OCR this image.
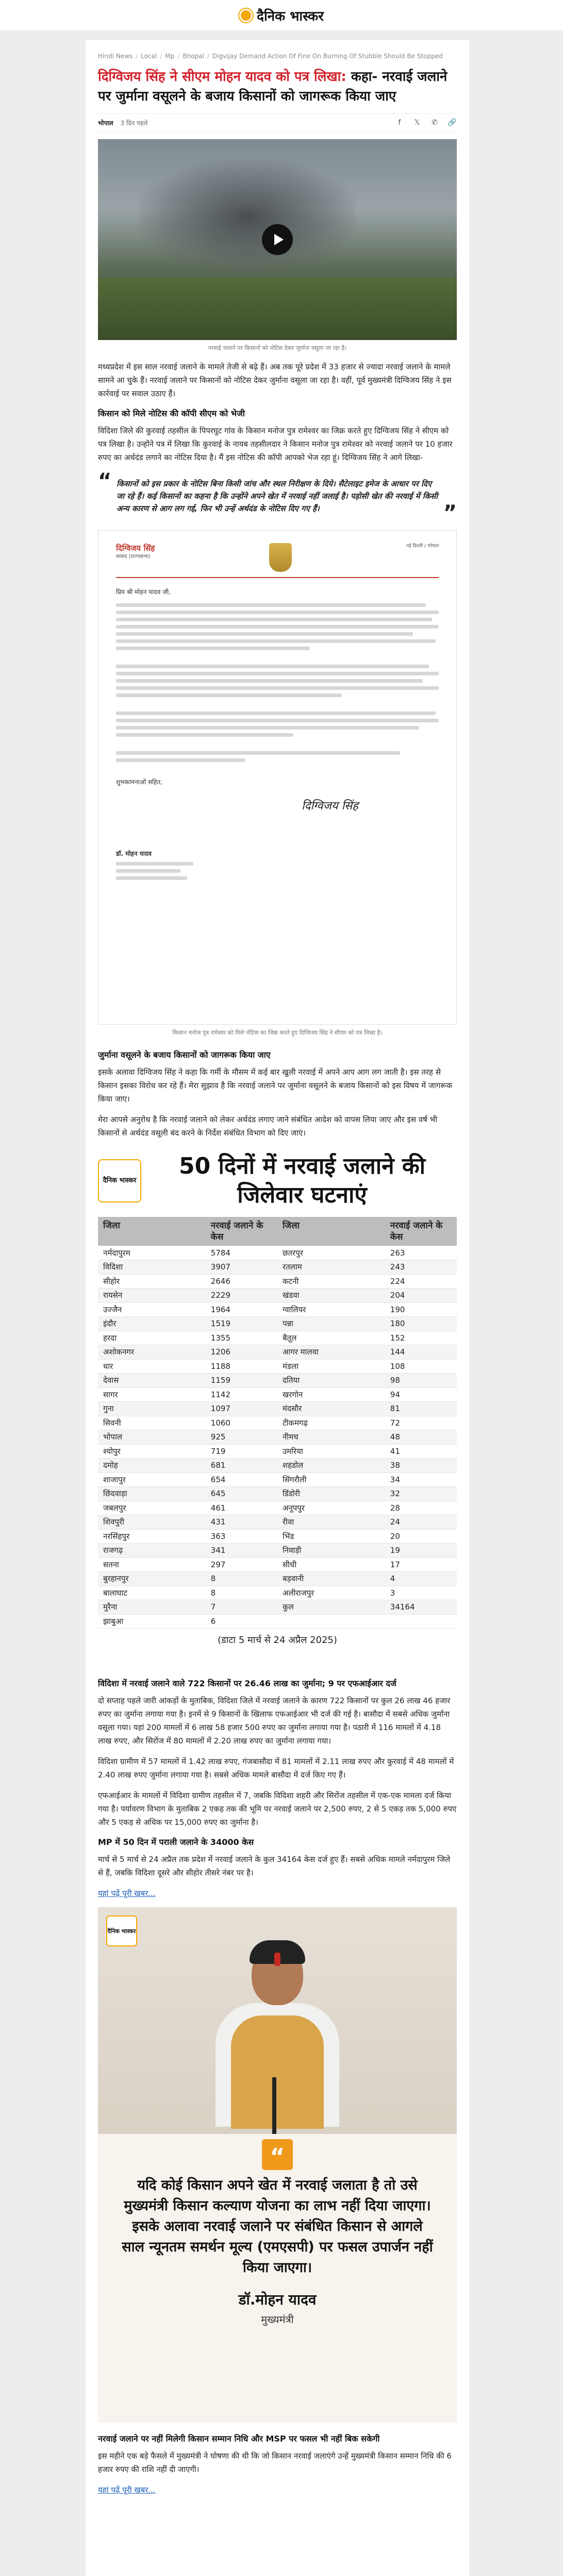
दैनिक भास्कर
Hindi News / Local / Mp / Bhopal / Digvijay Demand Action Of Fine On Burning Of Stubble Should Be Stopped
दिग्विजय सिंह ने सीएम मोहन यादव को पत्र लिखा: कहा- नरवाई जलाने पर जुर्माना वसूलने के बजाय किसानों को जागरूक किया जाए
भोपाल 3 दिन पहले	f	𝕏 ✆ 🔗
नरवाई जलाने पर किसानों को नोटिस देकर जुर्माना वसूला जा रहा है।

मध्यप्रदेश में इस साल नरवाई जलाने के मामले तेजी से बढ़े हैं। अब तक पूरे प्रदेश में 33 हजार से ज्यादा नरवाई जलाने के मामले सामने आ चुके हैं। नरवाई जलाने पर किसानों को नोटिस देकर जुर्माना वसूला जा रहा है। वहीं, पूर्व मुख्यमंत्री दिग्विजय सिंह ने इस कार्रवाई पर सवाल उठाए हैं।

किसान को मिले नोटिस की कॉपी सीएम को भेजी

विदिशा जिले की कुरवाई तहसील के पिपरघुट गांव के किसान मनोज पुत्र रामेश्वर का जिक्र करते हुए दिग्विजय सिंह ने सीएम को पत्र लिखा है। उन्होंने पत्र में लिखा कि कुरवाई के नायब तहसीलदार ने किसान मनोज पुत्र रामेश्वर को नरवाई जलाने पर 10 हजार रुपए का अर्थदंड लगाने का नोटिस दिया है। मैं इस नोटिस की कॉपी आपको भेज रहा हूं। दिग्विजय सिंह ने आगे लिखा-

“ किसानों को इस प्रकार के नोटिस बिना किसी जांच और स्थल निरीक्षण के दिये। सैटेलाइट इमेज के आधार पर दिए जा रहे हैं। कई किसानों का कहना है कि उन्होंने अपने खेत में नरवाई नहीं जलाई है। पड़ोसी खेत की नरवाई में किसी अन्य कारण से आग लग गई, फिर भी उन्हें अर्थदंड के नोटिस दिए गए हैं।	”
दिग्विजय सिंह
सांसद (राज्यसभा)
नई दिल्ली / भोपाल
प्रिय श्री मोहन यादव जी,
शुभकामनाओं सहित,
दिग्विजय सिंह
डॉ. मोहन यादव
किसान मनोज पुत्र रामेश्वर को मिले नोटिस का जिक्र करते हुए दिग्विजय सिंह ने सीएम को पत्र लिखा है।
जुर्माना वसूलने के बजाय किसानों को जागरूक किया जाए

इसके अलावा दिग्विजय सिंह ने कहा कि गर्मी के मौसम में कई बार खुली नरवाई में अपने आप आग लग जाती है। इस तरह से किसान इसका विरोध कर रहे हैं। मेरा सुझाव है कि नरवाई जलाने पर जुर्माना वसूलने के बजाय किसानों को इस विषय में जागरूक किया जाए।

मेरा आपसे अनुरोध है कि नरवाई जलाने को लेकर अर्थदंड लगाए जाने संबंधित आदेश को वापस लिया जाए और इस वर्ष भी किसानों से अर्थदंड वसूली बंद करने के निर्देश संबंधित विभाग को दिए जाएं।

दैनिक भास्कर
50 दिनों में नरवाई जलाने की जिलेवार घटनाएं
जिला	नरवाई जलाने के केस	जिला	नरवाई जलाने के केस
नर्मदापुरम	5784	छतरपुर	263
विदिशा	3907	रतलाम	243
सीहोर	2646	कटनी	224
रायसेन	2229	खंडवा	204
उज्जैन	1964	ग्वालियर	190
इंदौर	1519	पन्ना	180
हरदा	1355	बैतूल	152
अशोकनगर	1206	आगर मालवा	144
धार	1188	मंडला	108
देवास	1159	दतिया	98
सागर	1142	खरगोन	94
गुना	1097	मंदसौर	81
सिवनी	1060	टीकमगढ़	72
भोपाल	925	नीमच	48
श्योपुर	719	उमरिया	41
दमोह	681	शहडोल	38
शाजापुर	654	सिंगरौली	34
छिंदवाड़ा	645	डिंडोरी	32
जबलपुर	461	अनूपपुर	28
शिवपुरी	431	रीवा	24
नरसिंहपुर	363	भिंड	20
राजगढ़	341	निवाड़ी	19
सतना	297	सीधी	17
बुरहानपुर	8	बड़वानी	4
बालाघाट	8	अलीराजपुर	3
मुरैना	7	कुल	34164
झाबुआ	6		
(डाटा 5 मार्च से 24 अप्रैल 2025)
विदिशा में नरवाई जलाने वाले 722 किसानों पर 26.46 लाख का जुर्माना; 9 पर एफआईआर दर्ज

दो सप्ताह पहले जारी आंकड़ों के मुताबिक, विदिशा जिले में नरवाई जलाने के कारण 722 किसानों पर कुल 26 लाख 46 हजार रुपए का जुर्माना लगाया गया है। इनमें से 9 किसानों के खिलाफ एफआईआर भी दर्ज की गई है। बासौदा में सबसे अधिक जुर्माना वसूला गया। यहां 200 मामलों में 6 लाख 58 हजार 500 रुपए का जुर्माना लगाया गया है। पठारी में 116 मामलों में 4.18 लाख रुपए, और सिरोंज में 80 मामलों में 2.20 लाख रुपए का जुर्माना लगाया गया।

विदिशा ग्रामीण में 57 मामलों में 1.42 लाख रुपए, गंजबासौदा में 81 मामलों में 2.11 लाख रुपए और कुरवाई में 48 मामलों में 2.40 लाख रुपए जुर्माना लगाया गया है। सबसे अधिक मामले बासौदा में दर्ज किए गए हैं।

एफआईआर के मामलों में विदिशा ग्रामीण तहसील में 7, जबकि विदिशा शहरी और सिरोंज तहसील में एक-एक मामला दर्ज किया गया है। पर्यावरण विभाग के मुताबिक 2 एकड़ तक की भूमि पर नरवाई जलाने पर 2,500 रुपए, 2 से 5 एकड़ तक 5,000 रुपए और 5 एकड़ से अधिक पर 15,000 रुपए का जुर्माना है।

MP में 50 दिन में पराली जलाने के 34000 केस

मार्च से 5 मार्च से 24 अप्रैल तक प्रदेश में नरवाई जलाने के कुल 34164 केस दर्ज हुए हैं। सबसे अधिक मामले नर्मदापुरम जिले से हैं, जबकि विदिशा दूसरे और सीहोर तीसरे नंबर पर है।

यहां पढ़ें पूरी खबर...

दैनिक भास्कर
“
यदि कोई किसान अपने खेत में नरवाई जलाता है तो उसे मुख्यमंत्री किसान कल्याण योजना का लाभ नहीं दिया जाएगा। इसके अलावा नरवाई जलाने पर संबंधित किसान से आगले साल न्यूनतम समर्थन मूल्य (एमएसपी) पर फसल उपार्जन नहीं किया जाएगा।
डॉ.मोहन यादव
मुख्यमंत्री
नरवाई जलाने पर नहीं मिलेगी किसान सम्मान निधि और MSP पर फसल भी नहीं बिक सकेगी

इस महीने एक बड़े फैसले में मुख्यमंत्री ने घोषणा की थी कि जो किसान नरवाई जलाएंगे उन्हें मुख्यमंत्री किसान सम्मान निधि की 6 हजार रुपए की राशि नहीं दी जाएगी।

यहां पढ़ें पूरी खबर...
